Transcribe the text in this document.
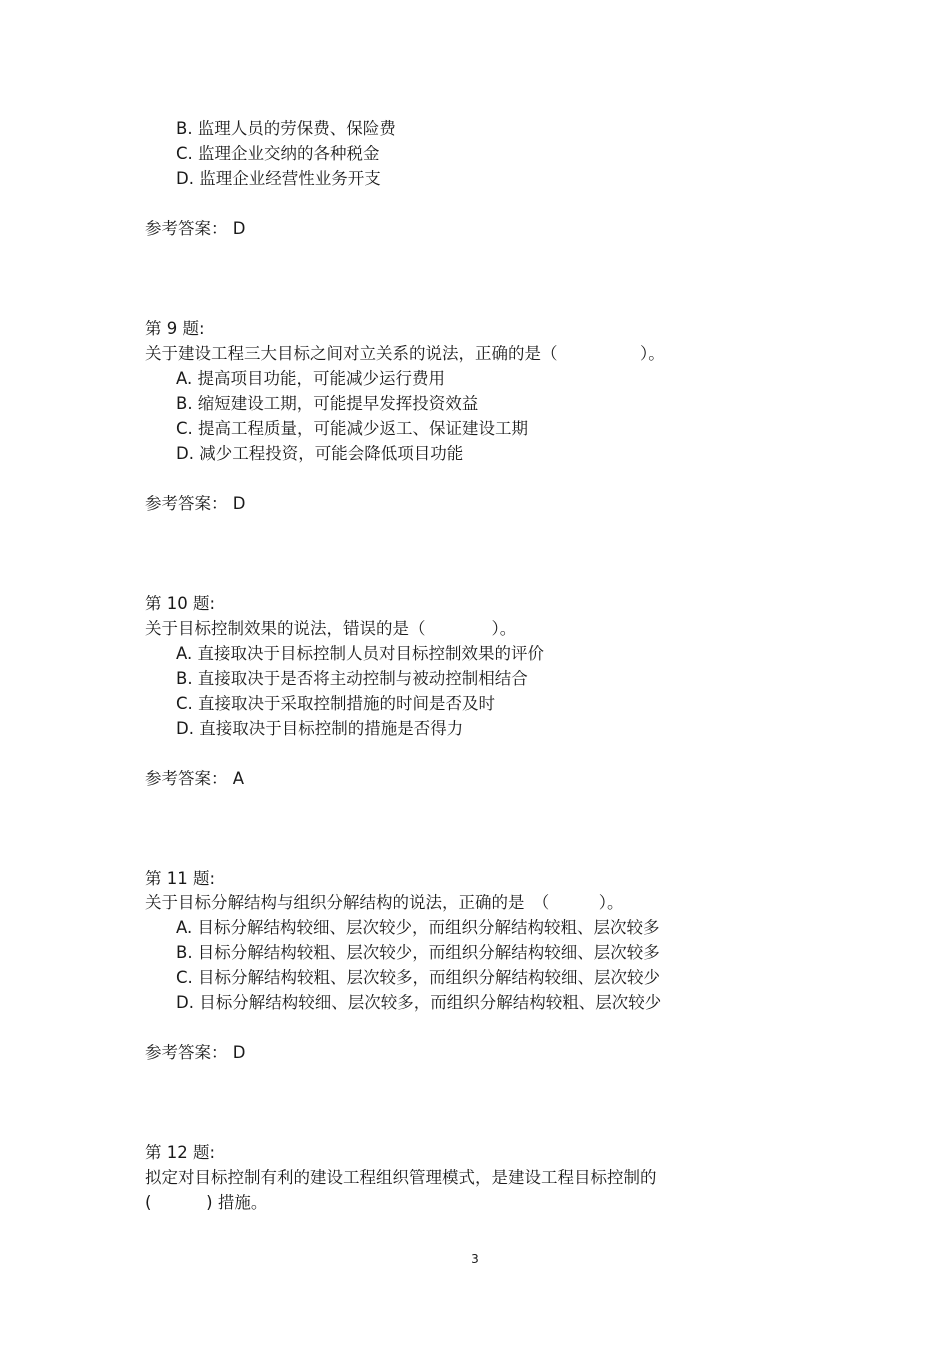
B. 监理人员的劳保费、保险费
C. 监理企业交纳的各种税金
D. 监理企业经营性业务开支
参考答案： D
第 9 题:
关于建设工程三大目标之间对立关系的说法，正确的是（　　　　　）。
A. 提高项目功能，可能减少运行费用
B. 缩短建设工期，可能提早发挥投资效益
C. 提高工程质量，可能减少返工、保证建设工期
D. 减少工程投资，可能会降低项目功能
参考答案： D
第 10 题:
关于目标控制效果的说法，错误的是（　　　　）。
A. 直接取决于目标控制人员对目标控制效果的评价
B. 直接取决于是否将主动控制与被动控制相结合
C. 直接取决于采取控制措施的时间是否及时
D. 直接取决于目标控制的措施是否得力
参考答案： A
第 11 题:
关于目标分解结构与组织分解结构的说法，正确的是　（　　　）。
A. 目标分解结构较细、层次较少，而组织分解结构较粗、层次较多
B. 目标分解结构较粗、层次较少，而组织分解结构较细、层次较多
C. 目标分解结构较粗、层次较多，而组织分解结构较细、层次较少
D. 目标分解结构较细、层次较多，而组织分解结构较粗、层次较少
参考答案： D
第 12 题:
拟定对目标控制有利的建设工程组织管理模式，是建设工程目标控制的
(　　　 ) 措施。
3
